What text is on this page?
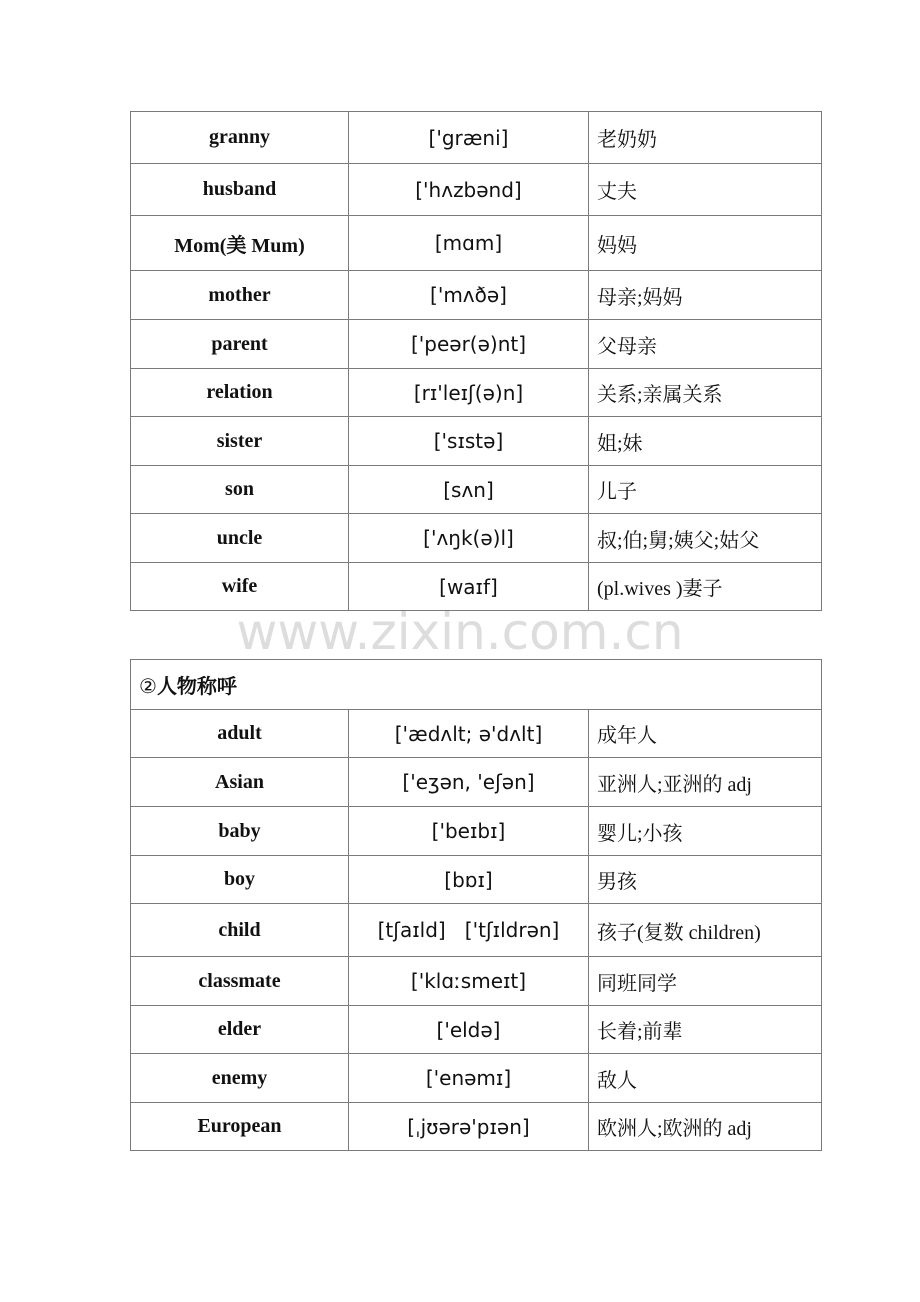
granny	['græni]	老奶奶
husband	['hʌzbənd]	丈夫
Mom(美 Mum)	[mɑm]	妈妈
mother	['mʌðə]	母亲;妈妈
parent	['peər(ə)nt]	父母亲
relation	[rɪ'leɪʃ(ə)n]	关系;亲属关系
sister	['sɪstə]	姐;妹
son	[sʌn]	儿子
uncle	['ʌŋk(ə)l]	叔;伯;舅;姨父;姑父
wife	[waɪf]	(pl.wives )妻子
www.zixin.com.cn
②人物称呼		
adult	['ædʌlt; ə'dʌlt]	成年人
Asian	['eʒən, 'eʃən]	亚洲人;亚洲的 adj
baby	['beɪbɪ]	婴儿;小孩
boy	[bɒɪ]	男孩
child	[tʃaɪld]   ['tʃɪldrən]	孩子(复数 children)
classmate	['klɑːsmeɪt]	同班同学
elder	['eldə]	长着;前辈
enemy	['enəmɪ]	敌人
European	[ˌjʊərə'pɪən]	欧洲人;欧洲的 adj
